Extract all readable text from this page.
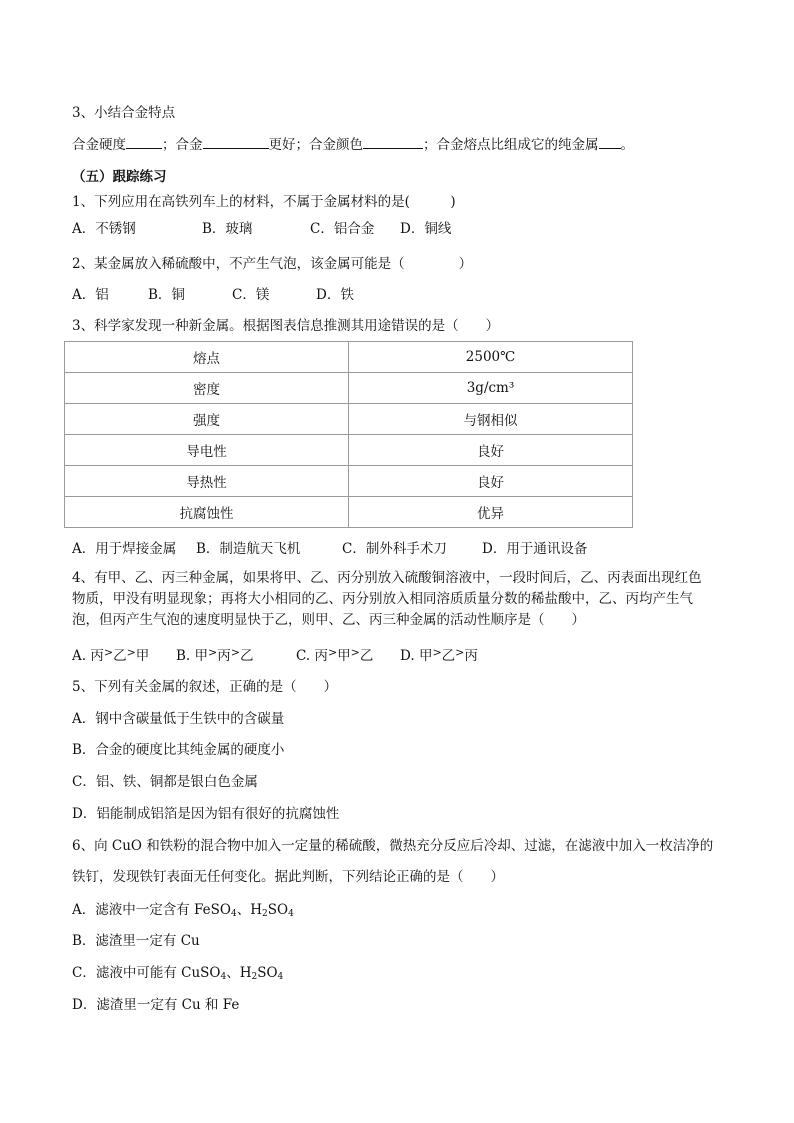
3、小结合金特点
合金硬度	；合金	更好；合金颜色	；合金熔点比组成它的纯金属 。
（五）跟踪练习
1、下列应用在高铁列车上的材料，不属于金属材料的是(　　　)
A．不锈钢	B．玻璃	C．铝合金 D．铜线
2、某金属放入稀硫酸中，不产生气泡，该金属可能是（　　　　）
A．铝	B．铜	C．镁	D．铁
3、科学家发现一种新金属。根据图表信息推测其用途错误的是（　　）
熔点	2500℃
密度	3g/cm³
强度	与钢相似
导电性	良好
导热性	良好
抗腐蚀性	优异
A．用于焊接金属 B．制造航天飞机	C．制外科手术刀	D．用于通讯设备
4、有甲、乙、丙三种金属，如果将甲、乙、丙分别放入硫酸铜溶液中，一段时间后，乙、丙表面出现红色
物质，甲没有明显现象；再将大小相同的乙、丙分别放入相同溶质质量分数的稀盐酸中，乙、丙均产生气
泡，但丙产生气泡的速度明显快于乙，则甲、乙、丙三种金属的活动性顺序是（　　）
A. 丙>乙>甲 B. 甲>丙>乙	C. 丙>甲>乙 D. 甲>乙>丙
5、下列有关金属的叙述，正确的是（　　）
A．钢中含碳量低于生铁中的含碳量
B．合金的硬度比其纯金属的硬度小
C．铝、铁、铜都是银白色金属
D．铝能制成铝箔是因为铝有很好的抗腐蚀性
6、向 CuO 和铁粉的混合物中加入一定量的稀硫酸，微热充分反应后冷却、过滤，在滤液中加入一枚洁净的
铁钉，发现铁钉表面无任何变化。据此判断，下列结论正确的是（　　）
A．滤液中一定含有 FeSO$_4$、$H_2SO_4$
B．滤渣里一定有 Cu
C．滤液中可能有 CuSO$_4$、$H_2SO_4$
D．滤渣里一定有 Cu 和 Fe
